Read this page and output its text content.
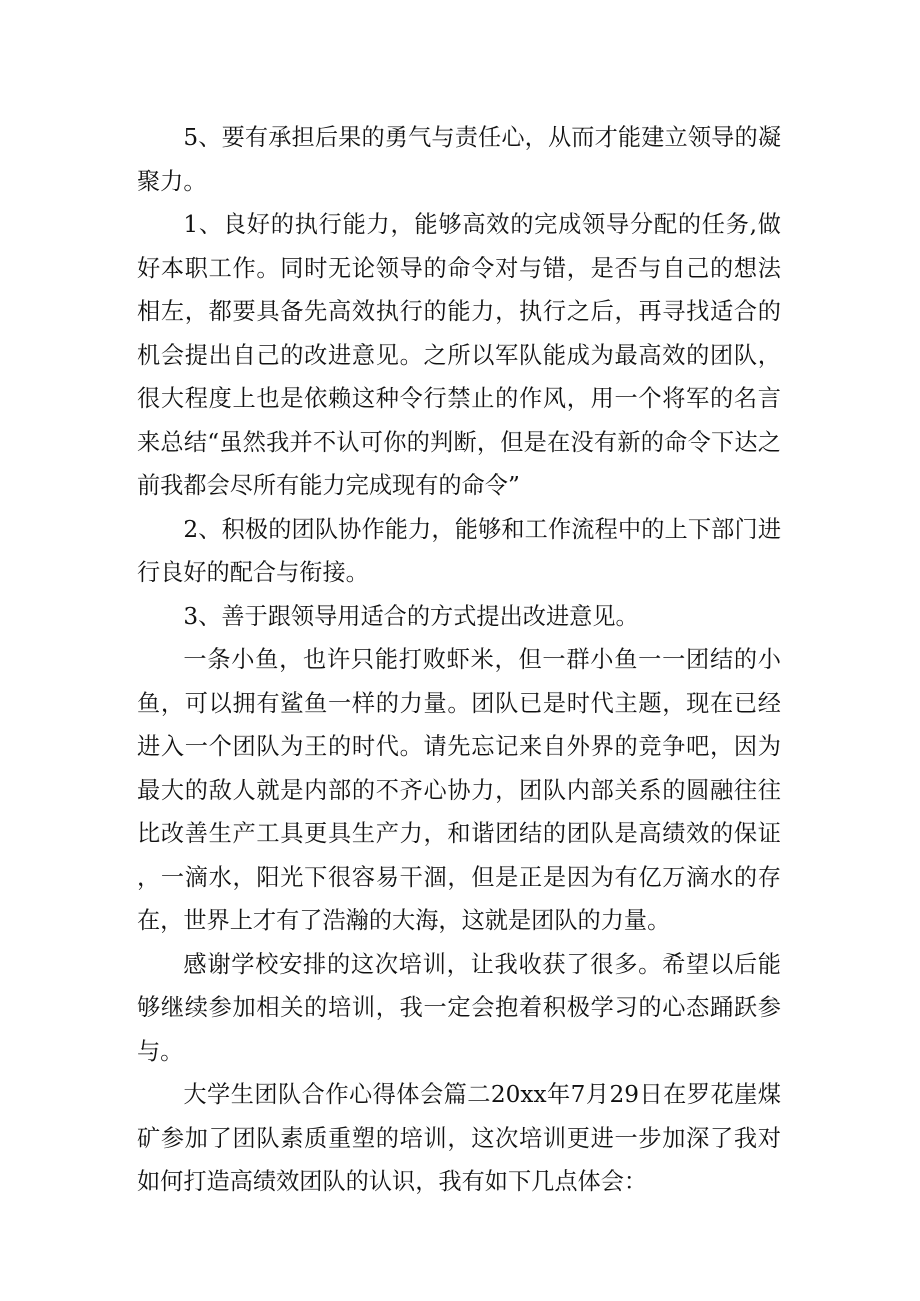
5、要有承担后果的勇气与责任心，从而才能建立领导的凝聚力。

1、良好的执行能力，能够高效的完成领导分配的任务,做好本职工作。同时无论领导的命令对与错，是否与自己的想法相左，都要具备先高效执行的能力，执行之后，再寻找适合的机会提出自己的改进意见。之所以军队能成为最高效的团队，很大程度上也是依赖这种令行禁止的作风，用一个将军的名言来总结“虽然我并不认可你的判断，但是在没有新的命令下达之前我都会尽所有能力完成现有的命令”

2、积极的团队协作能力，能够和工作流程中的上下部门进行良好的配合与衔接。

3、善于跟领导用适合的方式提出改进意见。

一条小鱼，也许只能打败虾米，但一群小鱼一一团结的小鱼，可以拥有鲨鱼一样的力量。团队已是时代主题，现在已经进入一个团队为王的时代。请先忘记来自外界的竞争吧，因为最大的敌人就是内部的不齐心协力，团队内部关系的圆融往往比改善生产工具更具生产力，和谐团结的团队是高绩效的保证，一滴水，阳光下很容易干涸，但是正是因为有亿万滴水的存在，世界上才有了浩瀚的大海，这就是团队的力量。

感谢学校安排的这次培训，让我收获了很多。希望以后能够继续参加相关的培训，我一定会抱着积极学习的心态踊跃参与。

大学生团队合作心得体会篇二20xx年7月29日在罗花崖煤矿参加了团队素质重塑的培训，这次培训更进一步加深了我对如何打造高绩效团队的认识，我有如下几点体会：
